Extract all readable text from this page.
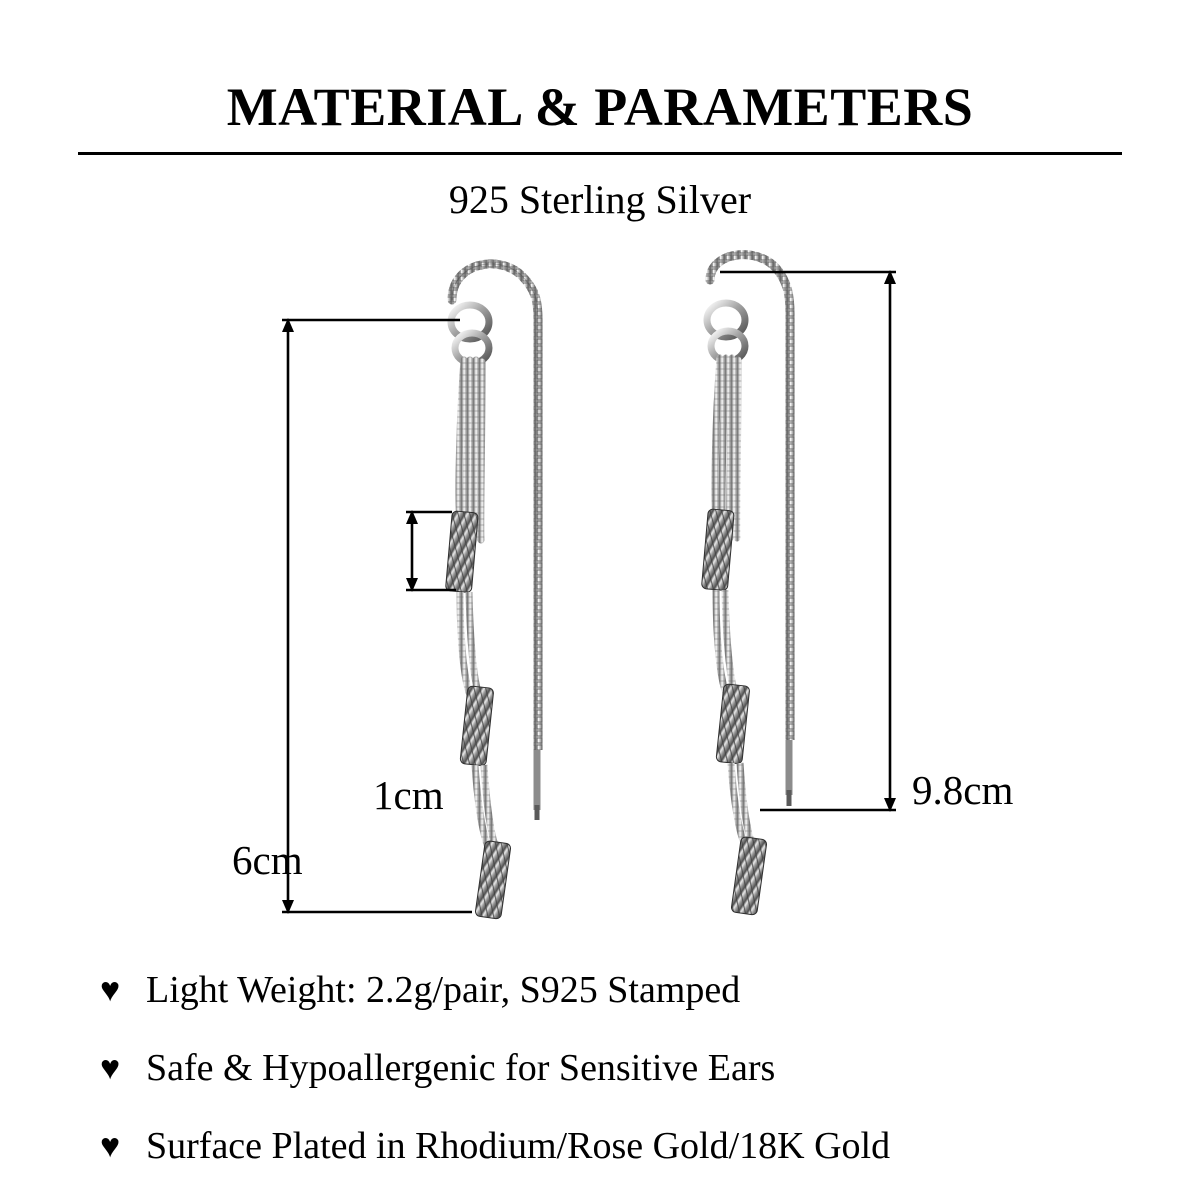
MATERIAL & PARAMETERS
925 Sterling Silver
6cm
1cm	9.8cm
♥ Light Weight: 2.2g/pair, S925 Stamped
♥ Safe & Hypoallergenic for Sensitive Ears
♥ Surface Plated in Rhodium/Rose Gold/18K Gold
